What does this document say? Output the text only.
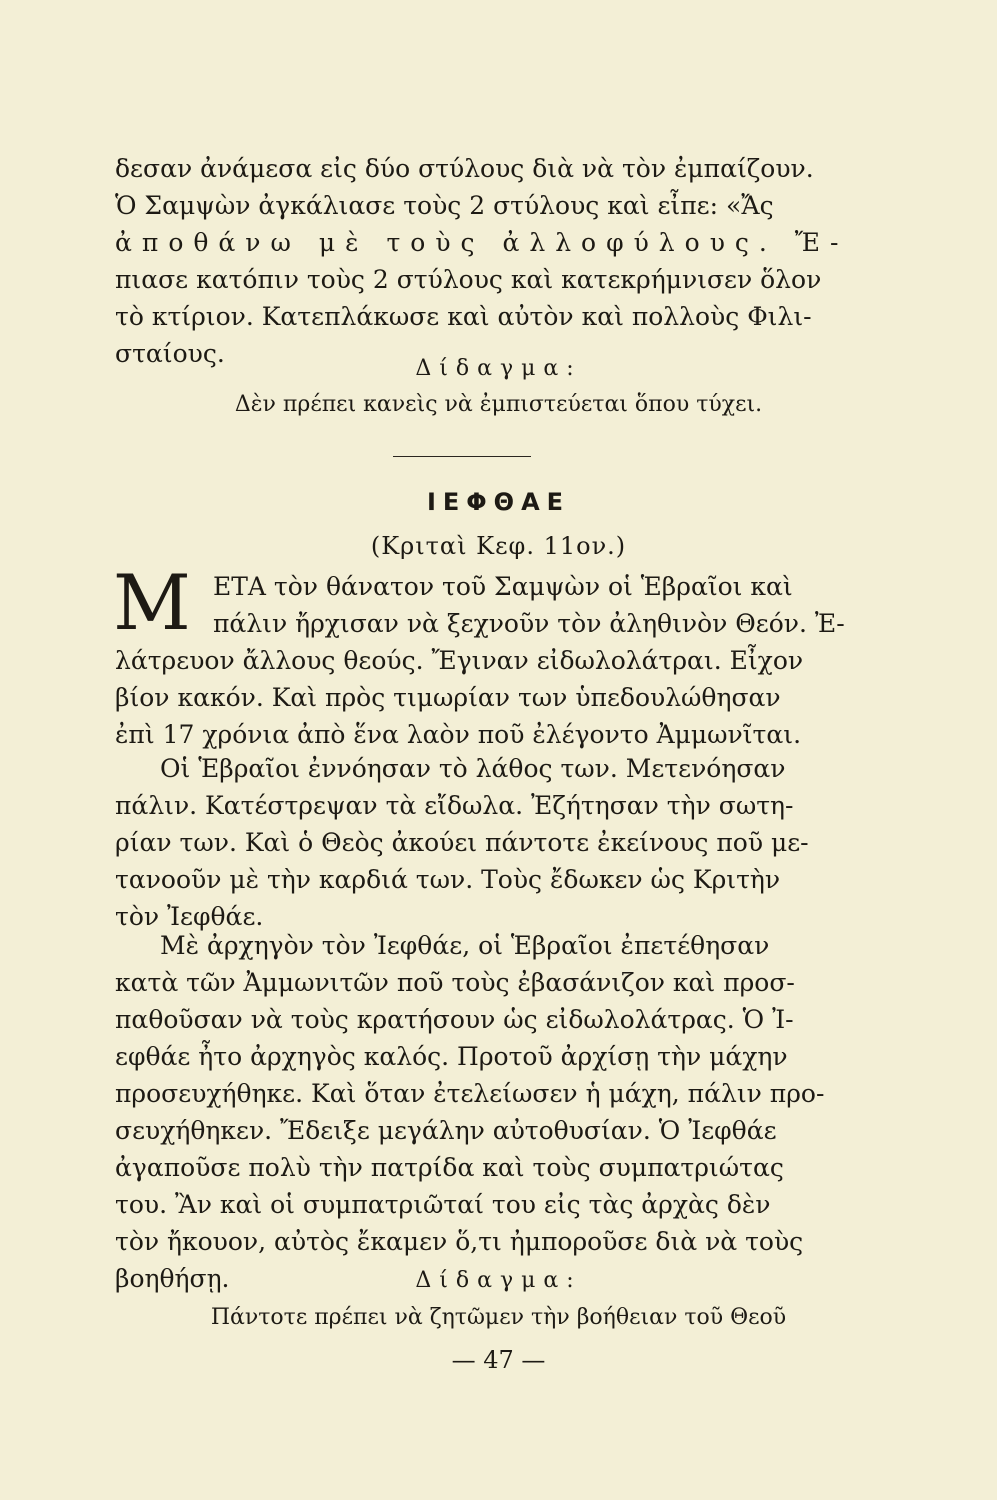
δεσαν ἀνάμεσα εἰς δύο στύλους διὰ νὰ τὸν ἐμπαίζουν.
Ὁ Σαμψὼν ἀγκάλιασε τοὺς 2 στύλους καὶ εἶπε: «Ἄς
ἀποθάνω μὲ τοὺς ἀλλοφύλους. Ἔ-
πιασε κατόπιν τοὺς 2 στύλους καὶ κατεκρήμνισεν ὅλον
τὸ κτίριον. Κατεπλάκωσε καὶ αὐτὸν καὶ πολλοὺς Φιλι-
σταίους.
Δίδαγμα:
Δὲν πρέπει κανεὶς νὰ ἐμπιστεύεται ὅπου τύχει.
ΙΕΦΘΑΕ
(Κριταὶ Κεφ. 11ον.)
M ΕΤΑ τὸν θάνατον τοῦ Σαμψὼν οἱ Ἑβραῖοι καὶ
πάλιν ἤρχισαν νὰ ξεχνοῦν τὸν ἀληθινὸν Θεόν. Ἐ-
λάτρευον ἄλλους θεούς. Ἔγιναν εἰδωλολάτραι. Εἶχον
βίον κακόν. Καὶ πρὸς τιμωρίαν των ὑπεδουλώθησαν
ἐπὶ 17 χρόνια ἀπὸ ἕνα λαὸν ποῦ ἐλέγοντο Ἀμμωνῖται.
Οἱ Ἑβραῖοι ἐννόησαν τὸ λάθος των. Μετενόησαν
πάλιν. Κατέστρεψαν τὰ εἴδωλα. Ἐζήτησαν τὴν σωτη-
ρίαν των. Καὶ ὁ Θεὸς ἀκούει πάντοτε ἐκείνους ποῦ με-
τανοοῦν μὲ τὴν καρδιά των. Τοὺς ἔδωκεν ὡς Κριτὴν
τὸν Ἰεφθάε.
Μὲ ἀρχηγὸν τὸν Ἰεφθάε, οἱ Ἑβραῖοι ἐπετέθησαν
κατὰ τῶν Ἀμμωνιτῶν ποῦ τοὺς ἐβασάνιζον καὶ προσ-
παθοῦσαν νὰ τοὺς κρατήσουν ὡς εἰδωλολάτρας. Ὁ Ἰ-
εφθάε ἦτο ἀρχηγὸς καλός. Προτοῦ ἀρχίσῃ τὴν μάχην
προσευχήθηκε. Καὶ ὅταν ἐτελείωσεν ἡ μάχη, πάλιν προ-
σευχήθηκεν. Ἔδειξε μεγάλην αὐτοθυσίαν. Ὁ Ἰεφθάε
ἀγαποῦσε πολὺ τὴν πατρίδα καὶ τοὺς συμπατριώτας
του. Ἂν καὶ οἱ συμπατριῶταί του εἰς τὰς ἀρχὰς δὲν
τὸν ἤκουον, αὐτὸς ἔκαμεν ὅ,τι ἠμποροῦσε διὰ νὰ τοὺς
βοηθήσῃ.	Δίδαγμα:
Πάντοτε πρέπει νὰ ζητῶμεν τὴν βοήθειαν τοῦ Θεοῦ
— 47 —
